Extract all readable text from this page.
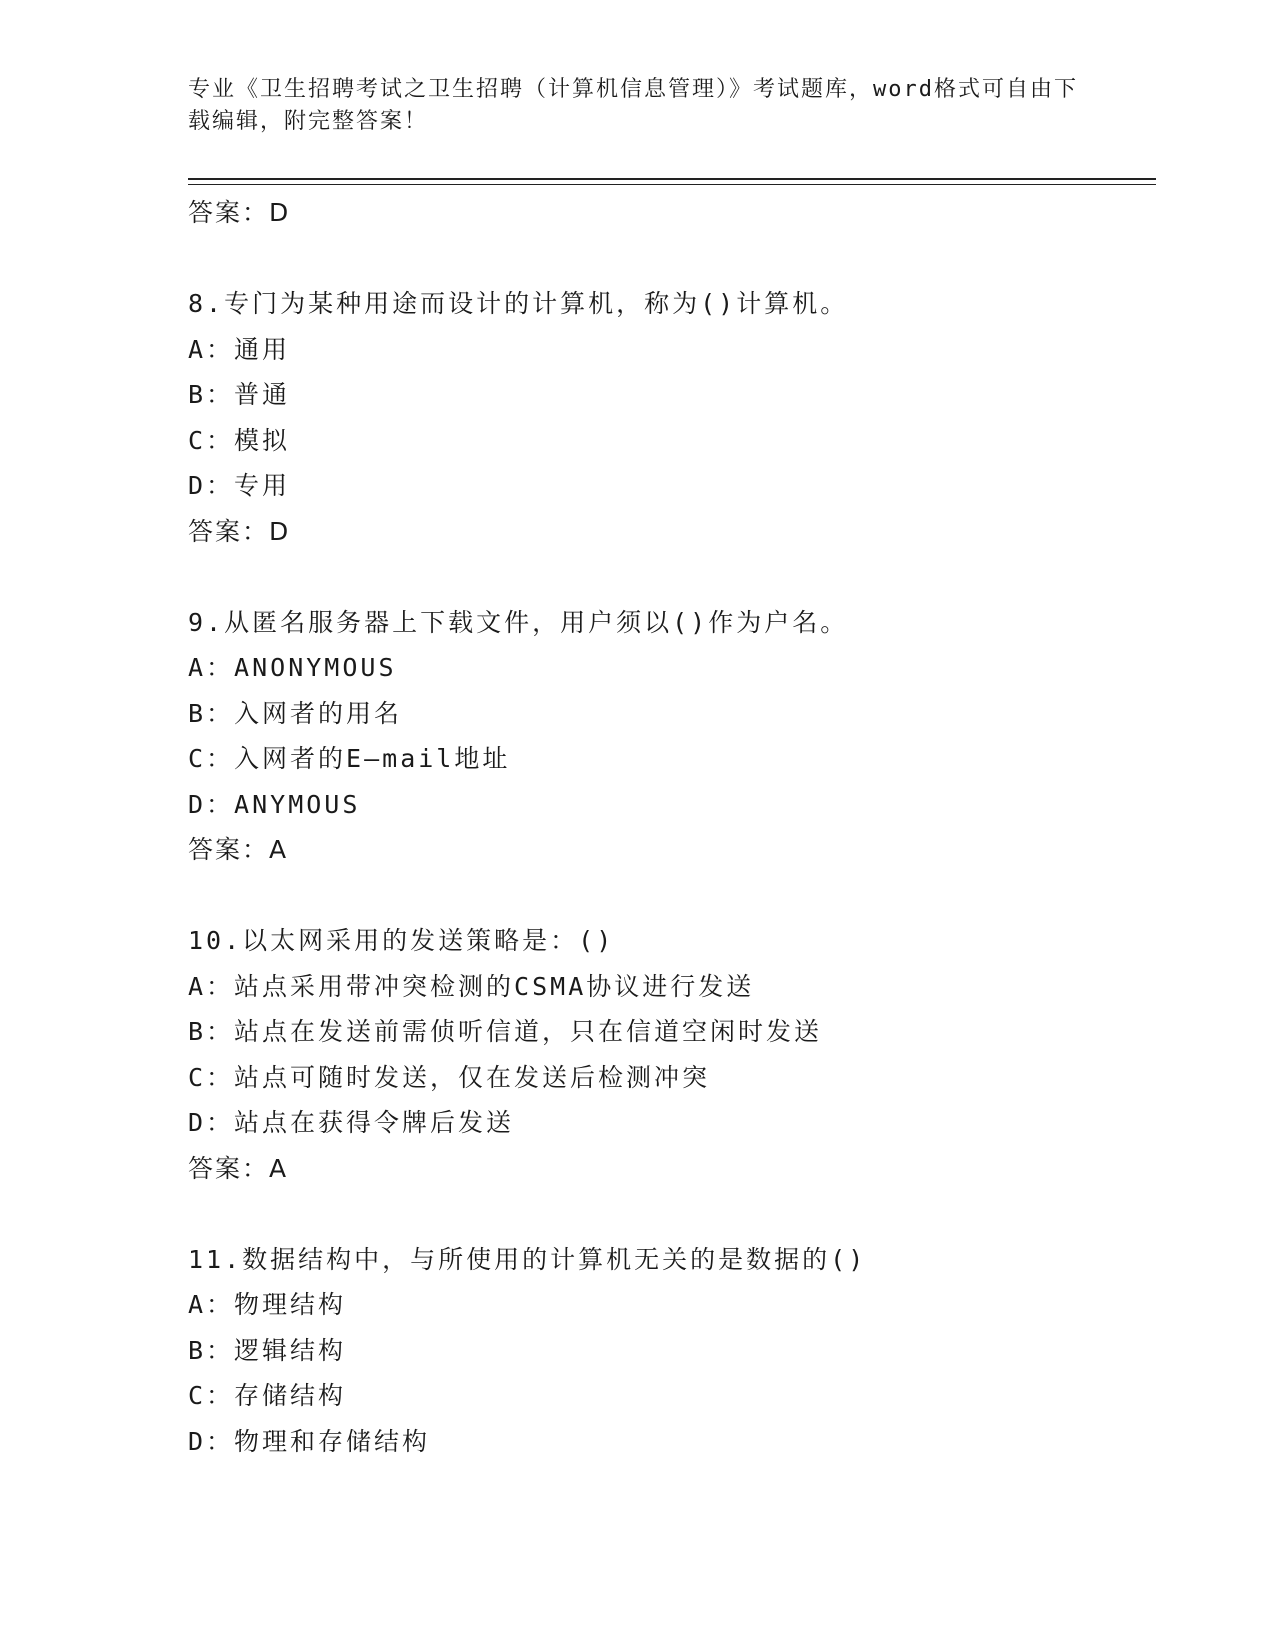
专业《卫生招聘考试之卫生招聘（计算机信息管理）》考试题库，word格式可自由下载编辑，附完整答案！
答案：D
8.专门为某种用途而设计的计算机，称为()计算机。
A：通用
B：普通
C：模拟
D：专用
答案：D
9.从匿名服务器上下载文件，用户须以()作为户名。
A：ANONYMOUS
B：入网者的用名
C：入网者的E—mail地址
D：ANYMOUS
答案：A
10.以太网采用的发送策略是：()
A：站点采用带冲突检测的CSMA协议进行发送
B：站点在发送前需侦听信道，只在信道空闲时发送
C：站点可随时发送，仅在发送后检测冲突
D：站点在获得令牌后发送
答案：A
11.数据结构中，与所使用的计算机无关的是数据的()
A：物理结构
B：逻辑结构
C：存储结构
D：物理和存储结构
